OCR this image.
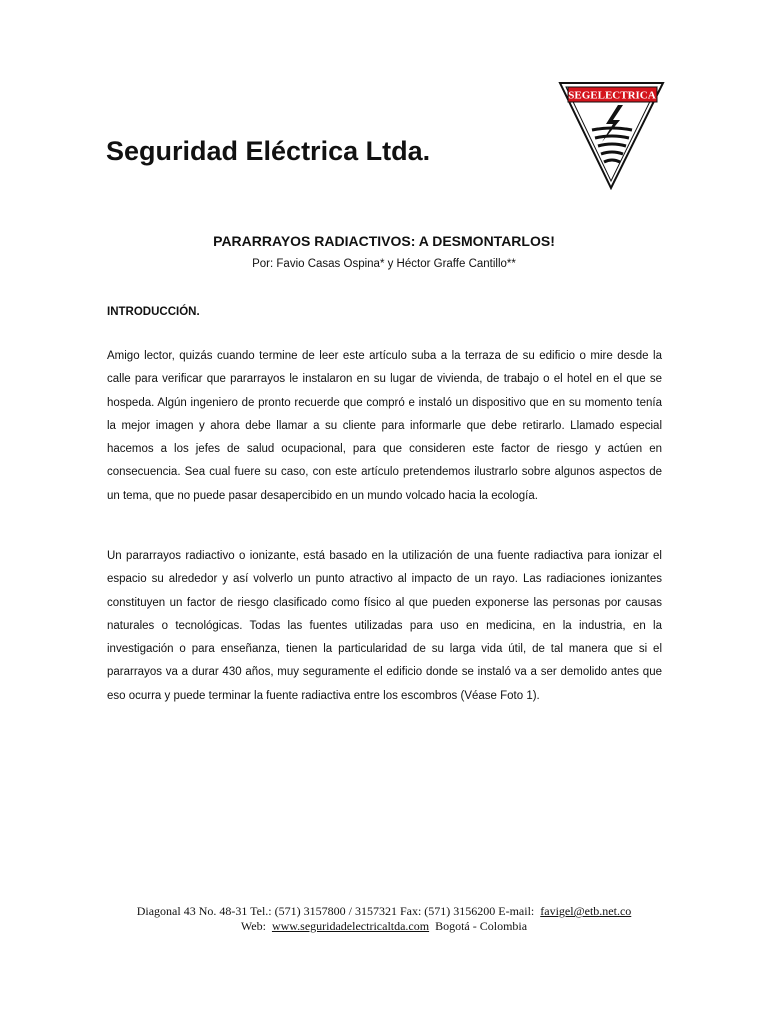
Seguridad Eléctrica Ltda.
SEGELECTRICA
PARARRAYOS RADIACTIVOS: A DESMONTARLOS!
Por: Favio Casas Ospina* y Héctor Graffe Cantillo**
INTRODUCCIÓN.
Amigo lector, quizás cuando termine de leer este artículo suba a la terraza de su edificio o mire desde la calle para verificar que pararrayos le instalaron en su lugar de vivienda, de trabajo o el hotel en el que se hospeda. Algún ingeniero de pronto recuerde que compró e instaló un dispositivo que en su momento tenía la mejor imagen y ahora debe llamar a su cliente para informarle que debe retirarlo. Llamado especial hacemos a los jefes de salud ocupacional, para que consideren este factor de riesgo y actúen en consecuencia. Sea cual fuere su caso, con este artículo pretendemos ilustrarlo sobre algunos aspectos de un tema, que no puede pasar desapercibido en un mundo volcado hacia la ecología.
Un pararrayos radiactivo o ionizante, está basado en la utilización de una fuente radiactiva para ionizar el espacio su alrededor y así volverlo un punto atractivo al impacto de un rayo. Las radiaciones ionizantes constituyen un factor de riesgo clasificado como físico al que pueden exponerse las personas por causas naturales o tecnológicas. Todas las fuentes utilizadas para uso en medicina, en la industria, en la investigación o para enseñanza, tienen la particularidad de su larga vida útil, de tal manera que si el pararrayos va a durar 430 años, muy seguramente el edificio donde se instaló va a ser demolido antes que eso ocurra y puede terminar la fuente radiactiva entre los escombros (Véase Foto 1).
Diagonal 43 No. 48-31 Tel.: (571) 3157800 / 3157321 Fax: (571) 3156200 E-mail: favigel@etb.net.co
Web: www.seguridadelectricaltda.com Bogotá - Colombia
